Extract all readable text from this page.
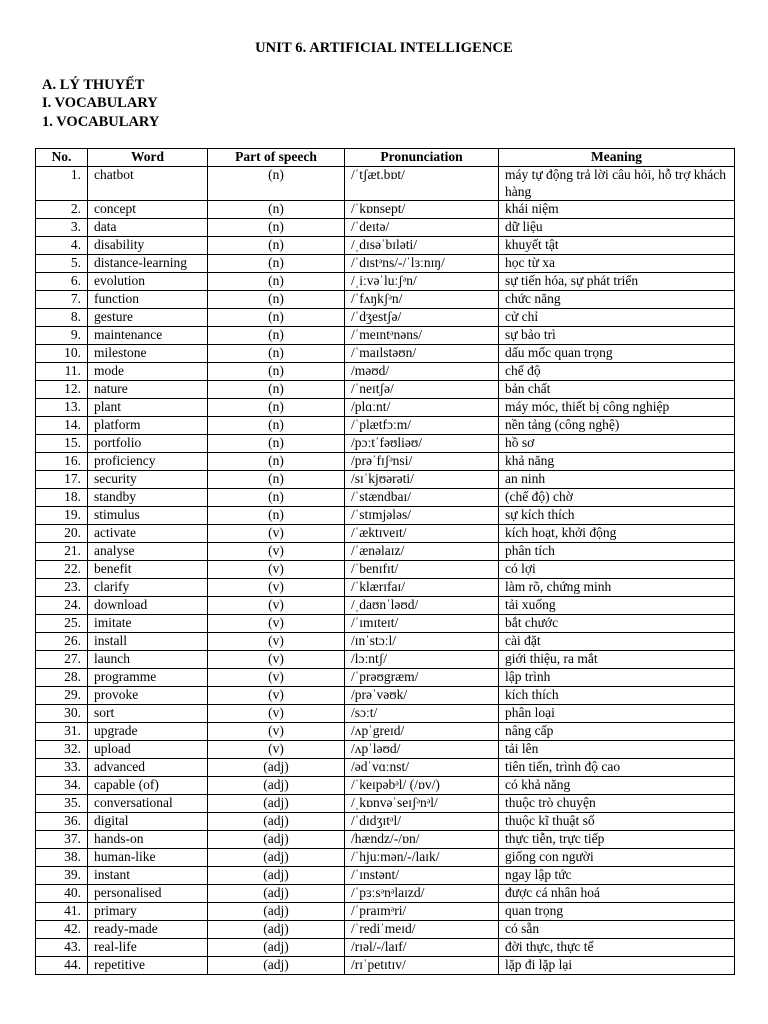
UNIT 6. ARTIFICIAL INTELLIGENCE
A. LÝ THUYẾT
I. VOCABULARY
1. VOCABULARY
No.	Word	Part of speech	Pronunciation	Meaning
1.	chatbot	(n)	/ˈtʃæt.bɒt/	máy tự động trả lời câu hỏi, hỗ trợ khách hàng
2.	concept	(n)	/ˈkɒnsept/	khái niệm
3.	data	(n)	/ˈdeɪtə/	dữ liệu
4.	disability	(n)	/ˌdɪsəˈbɪləti/	khuyết tật
5.	distance-learning	(n)	/ˈdɪstᵊns/-/ˈlɜːnɪŋ/	học từ xa
6.	evolution	(n)	/ˌiːvəˈluːʃᵊn/	sự tiến hóa, sự phát triển
7.	function	(n)	/ˈfʌŋkʃᵊn/	chức năng
8.	gesture	(n)	/ˈdʒestʃə/	cử chỉ
9.	maintenance	(n)	/ˈmeɪntᵊnəns/	sự bảo trì
10.	milestone	(n)	/ˈmaɪlstəʊn/	dấu mốc quan trọng
11.	mode	(n)	/məʊd/	chế độ
12.	nature	(n)	/ˈneɪtʃə/	bản chất
13.	plant	(n)	/plɑːnt/	máy móc, thiết bị công nghiệp
14.	platform	(n)	/ˈplætfɔːm/	nền tảng (công nghệ)
15.	portfolio	(n)	/pɔːtˈfəʊliəʊ/	hồ sơ
16.	proficiency	(n)	/prəˈfɪʃᵊnsi/	khả năng
17.	security	(n)	/sɪˈkjʊərəti/	an ninh
18.	standby	(n)	/ˈstændbaɪ/	(chế độ) chờ
19.	stimulus	(n)	/ˈstɪmjələs/	sự kích thích
20.	activate	(v)	/ˈæktɪveɪt/	kích hoạt, khởi động
21.	analyse	(v)	/ˈænəlaɪz/	phân tích
22.	benefit	(v)	/ˈbenɪfɪt/	có lợi
23.	clarify	(v)	/ˈklærɪfaɪ/	làm rõ, chứng minh
24.	download	(v)	/ˌdaʊnˈləʊd/	tải xuống
25.	imitate	(v)	/ˈɪmɪteɪt/	bắt chước
26.	install	(v)	/ɪnˈstɔːl/	cài đặt
27.	launch	(v)	/lɔːntʃ/	giới thiệu, ra mắt
28.	programme	(v)	/ˈprəʊgræm/	lập trình
29.	provoke	(v)	/prəˈvəʊk/	kích thích
30.	sort	(v)	/sɔːt/	phân loại
31.	upgrade	(v)	/ʌpˈgreɪd/	nâng cấp
32.	upload	(v)	/ʌpˈləʊd/	tải lên
33.	advanced	(adj)	/ədˈvɑːnst/	tiên tiến, trình độ cao
34.	capable (of)	(adj)	/ˈkeɪpəbᵊl/ (/ɒv/)	có khả năng
35.	conversational	(adj)	/ˌkɒnvəˈseɪʃᵊnᵊl/	thuộc trò chuyện
36.	digital	(adj)	/ˈdɪdʒɪtᵊl/	thuộc kĩ thuật số
37.	hands-on	(adj)	/hændz/-/ɒn/	thực tiễn, trực tiếp
38.	human-like	(adj)	/ˈhjuːmən/-/laɪk/	giống con người
39.	instant	(adj)	/ˈɪnstənt/	ngay lập tức
40.	personalised	(adj)	/ˈpɜːsᵊnᵊlaɪzd/	được cá nhân hoá
41.	primary	(adj)	/ˈpraɪmᵊri/	quan trọng
42.	ready-made	(adj)	/ˈrediˈmeɪd/	có sẵn
43.	real-life	(adj)	/rɪəl/-/laɪf/	đời thực, thực tế
44.	repetitive	(adj)	/rɪˈpetɪtɪv/	lặp đi lặp lại
